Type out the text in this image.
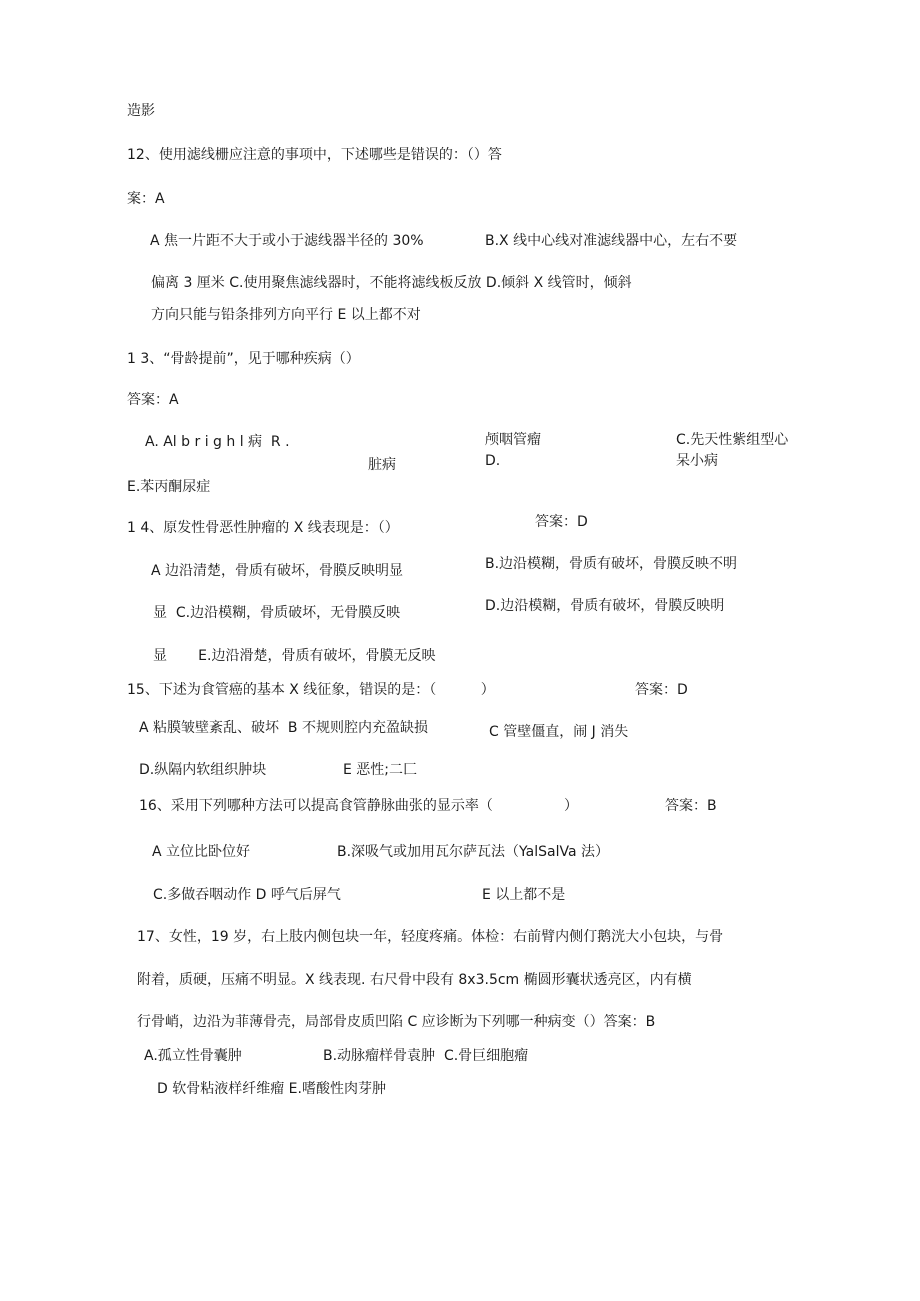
造影
12、使用滤线栅应注意的事项中，下述哪些是错误的：（）答
案：A
A 焦一片距不大于或小于滤线器半径的 30%	B.X 线中心线对准滤线器中心，左右不要
偏离 3 厘米 C.使用聚焦滤线器时，不能将滤线板反放 D.倾斜 X 线管时，倾斜
方向只能与铅条排列方向平行 E 以上都不对
1 3、“骨龄提前”，见于哪种疾病（）
答案：A
A. Al b r i g h l 病  R .	颅咽管瘤	C.先天性紫组型心
脏病	D.	呆小病
E.苯丙酮尿症
1 4、原发性骨恶性肿瘤的 X 线表现是：（）	答案：D
A 边沿清楚，骨质有破坏，骨膜反映明显	B.边沿模糊，骨质有破坏，骨膜反映不明
显  C.边沿模糊，骨质破坏，无骨膜反映	D.边沿模糊，骨质有破坏，骨膜反映明
显       E.边沿滑楚，骨质有破坏，骨膜无反映
15、下述为食管癌的基本 X 线征象，错误的是：（          ）	答案：D
A 粘膜皱壁紊乱、破坏  B 不规则腔内充盈缺损	C 管壁僵直，闹 J 消失
D.纵隔内软组织肿块	E 恶性;二匚
16、采用下列哪种方法可以提高食管静脉曲张的显示率（                ）	答案：B
A 立位比卧位好	B.深吸气或加用瓦尔萨瓦法（YalSalVa 法）
C.多做吞咽动作 D 呼气后屏气	E 以上都不是
17、女性，19 岁，右上肢内侧包块一年，轻度疼痛。体检：右前臂内侧仃鹅洸大小包块，与骨
附着，质硬，压痛不明显。X 线表现. 右尺骨中段有 8x3.5cm 椭圆形囊状透亮区，内有横
行骨峭，边沿为菲薄骨壳，局部骨皮质凹陷 C 应诊断为下列哪一种病变（）答案：B
A.孤立性骨囊肿	B.动脉瘤样骨袁肿  C.骨巨细胞瘤
D 软骨粘液样纤维瘤 E.嗜酸性肉芽肿
